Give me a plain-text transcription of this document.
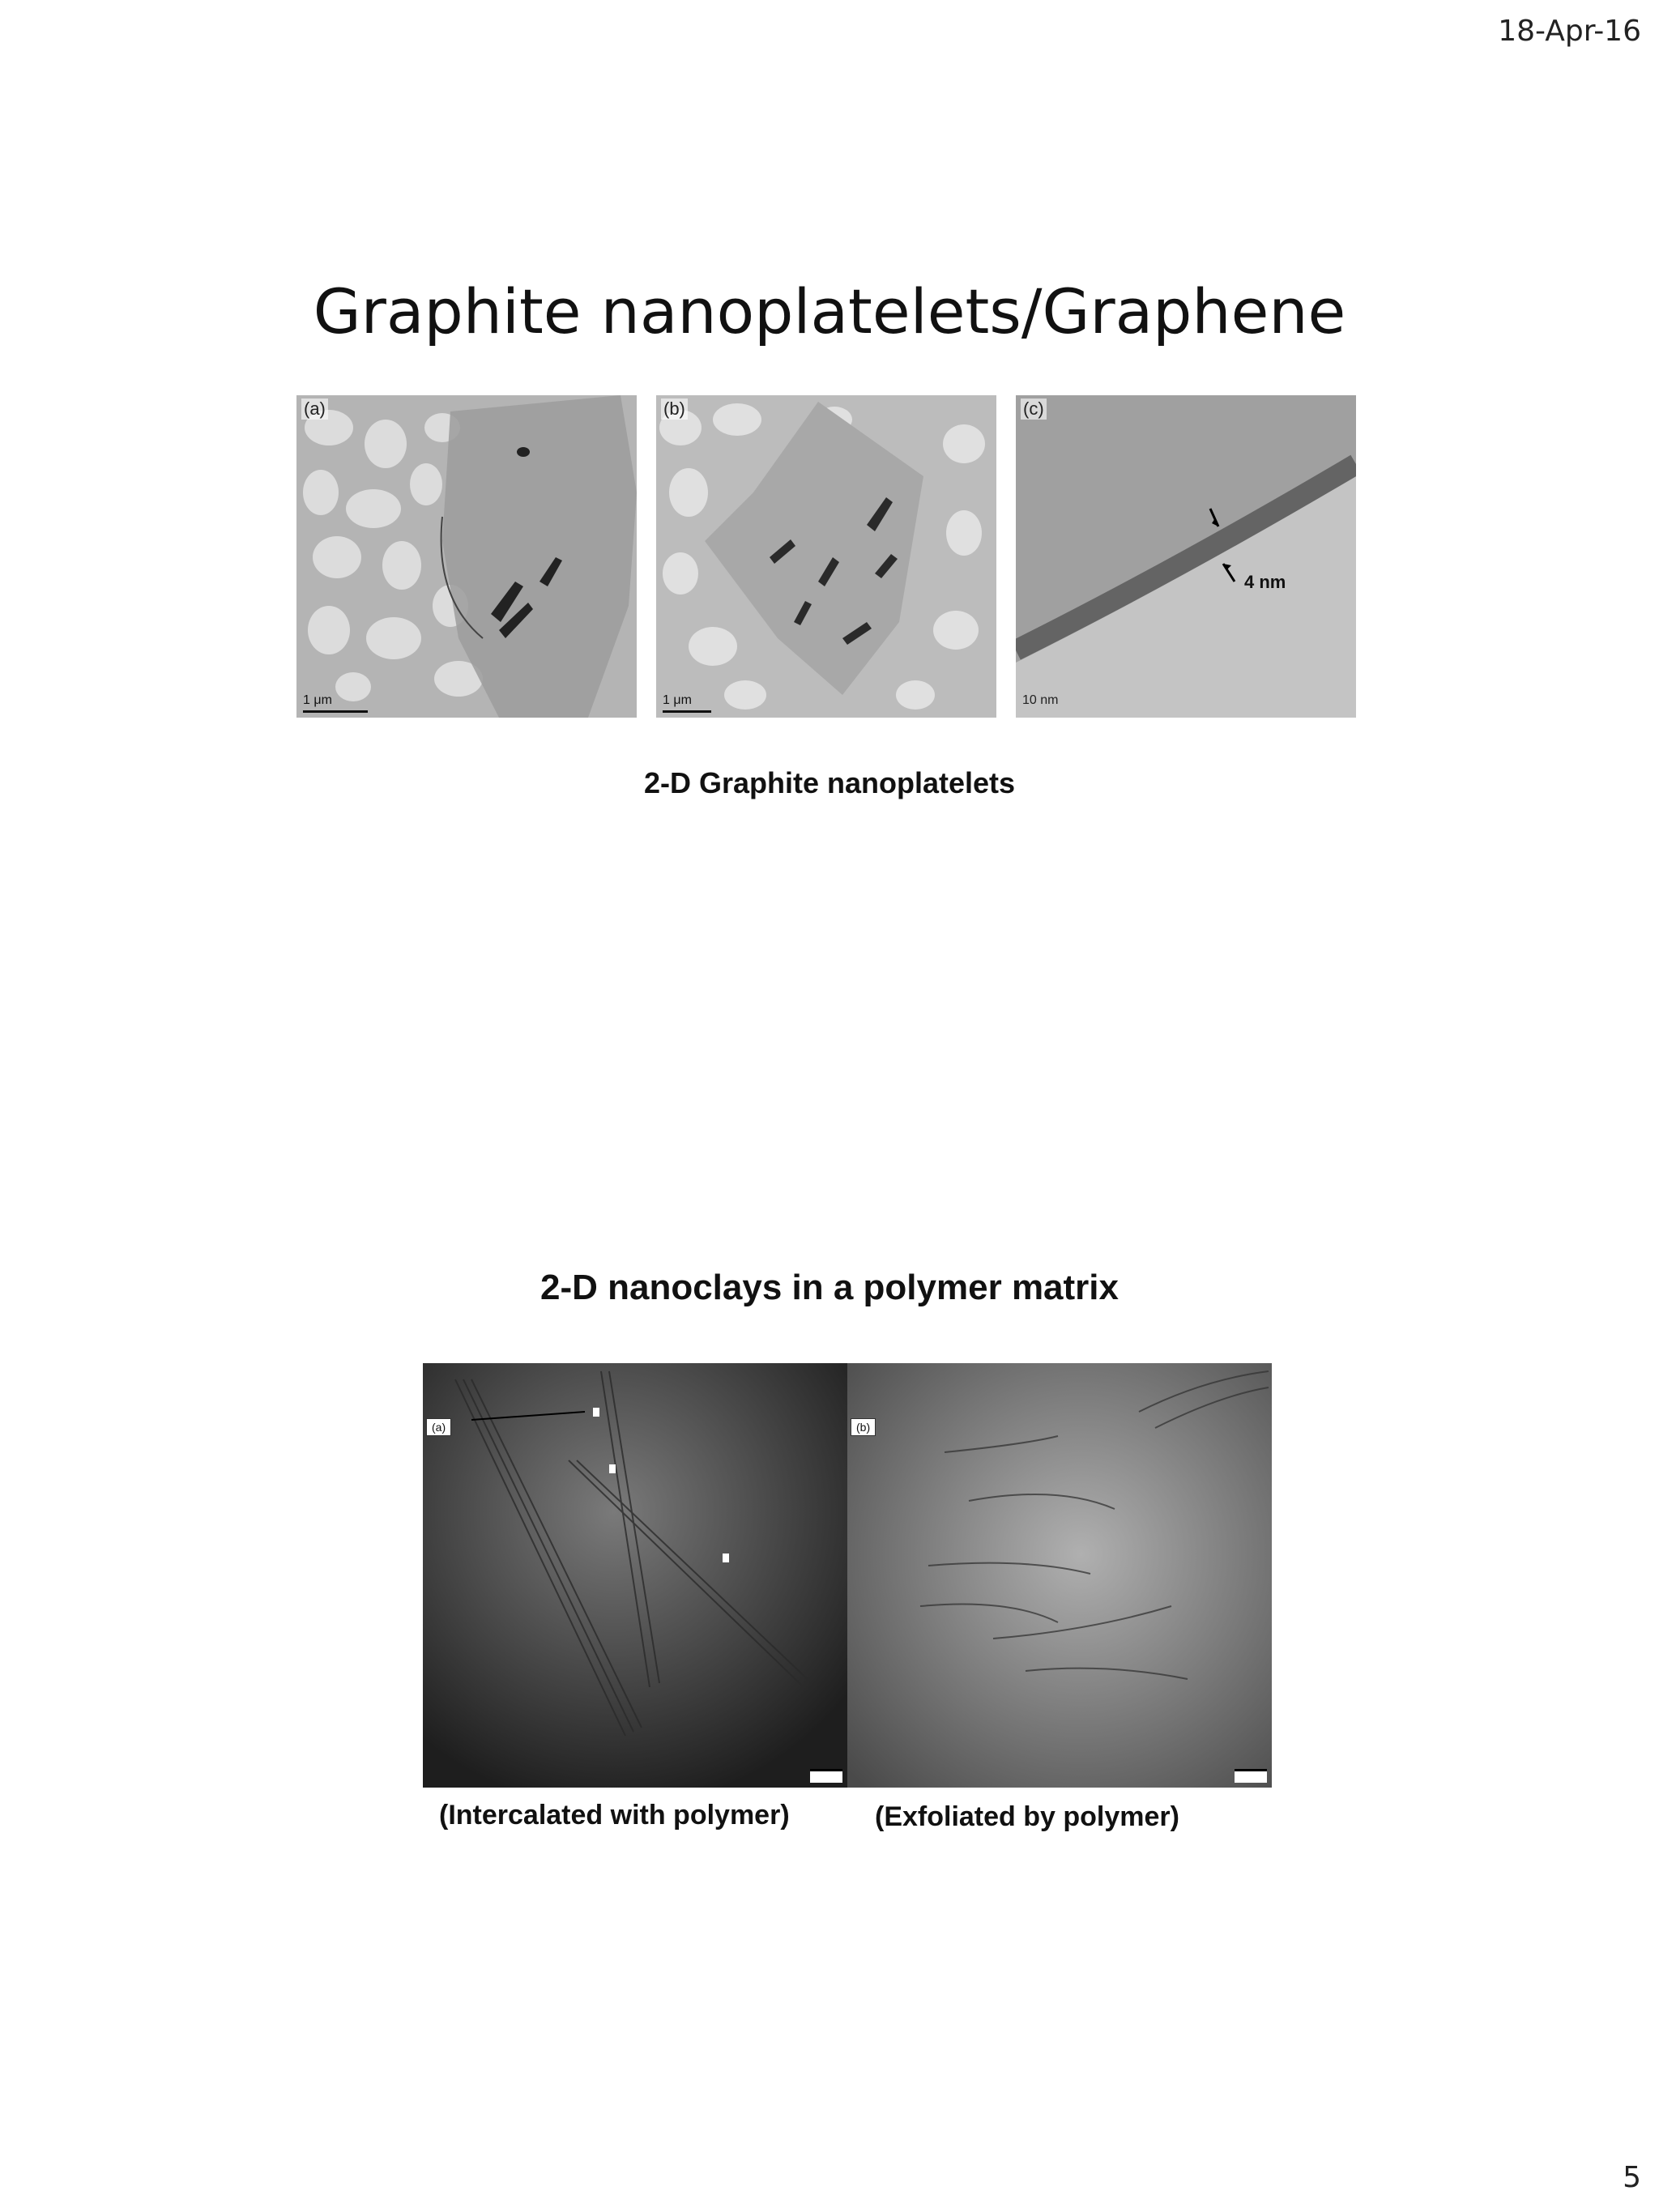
18-Apr-16
Graphite nanoplatelets/Graphene
(a)
1 μm
(b)
1 μm
(c)
4 nm
10 nm
2-D Graphite nanoplatelets
2-D nanoclays in a polymer matrix
(a)	(b)
(Intercalated with polymer)	(Exfoliated by polymer)
5
